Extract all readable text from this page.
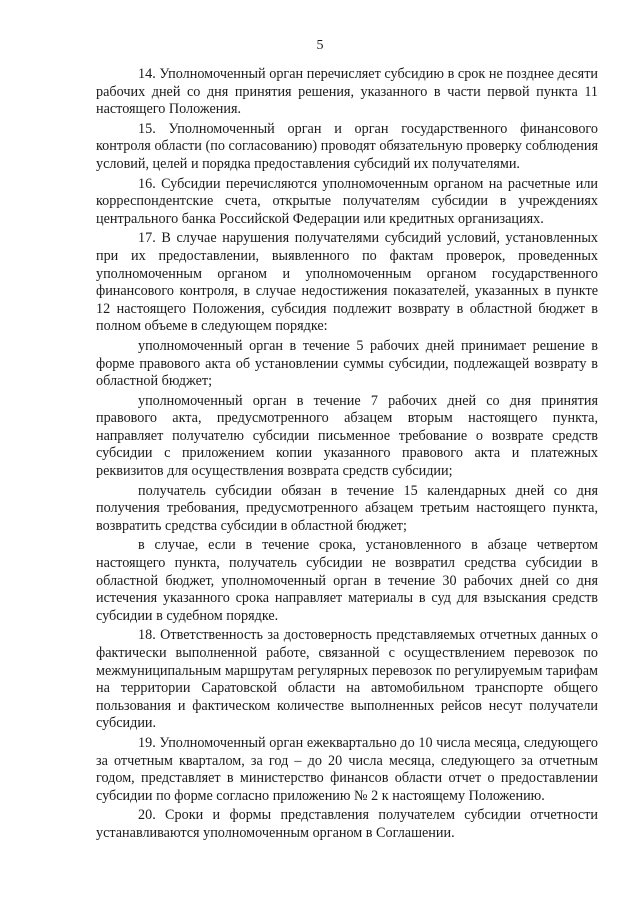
5

14. Уполномоченный орган перечисляет субсидию в срок не позднее десяти рабочих дней со дня принятия решения, указанного в части первой пункта 11 настоящего Положения.

15. Уполномоченный орган и орган государственного финансового контроля области (по согласованию) проводят обязательную проверку соблюдения условий, целей и порядка предоставления субсидий их получателями.

16. Субсидии перечисляются уполномоченным органом на расчетные или корреспондентские счета, открытые получателям субсидии в учреждениях центрального банка Российской Федерации или кредитных организациях.

17. В случае нарушения получателями субсидий условий, установленных при их предоставлении, выявленного по фактам проверок, проведенных уполномоченным органом и уполномоченным органом государственного финансового контроля, в случае недостижения показателей, указанных в пункте 12 настоящего Положения, субсидия подлежит возврату в областной бюджет в полном объеме в следующем порядке:

уполномоченный орган в течение 5 рабочих дней принимает решение в форме правового акта об установлении суммы субсидии, подлежащей возврату в областной бюджет;

уполномоченный орган в течение 7 рабочих дней со дня принятия правового акта, предусмотренного абзацем вторым настоящего пункта, направляет получателю субсидии письменное требование о возврате средств субсидии с приложением копии указанного правового акта и платежных реквизитов для осуществления возврата средств субсидии;

получатель субсидии обязан в течение 15 календарных дней со дня получения требования, предусмотренного абзацем третьим настоящего пункта, возвратить средства субсидии в областной бюджет;

в случае, если в течение срока, установленного в абзаце четвертом настоящего пункта, получатель субсидии не возвратил средства субсидии в областной бюджет, уполномоченный орган в течение 30 рабочих дней со дня истечения указанного срока направляет материалы в суд для взыскания средств субсидии в судебном порядке.

18. Ответственность за достоверность представляемых отчетных данных о фактически выполненной работе, связанной с осуществлением перевозок по межмуниципальным маршрутам регулярных перевозок по регулируемым тарифам на территории Саратовской области на автомобильном транспорте общего пользования и фактическом количестве выполненных рейсов несут получатели субсидии.

19. Уполномоченный орган ежеквартально до 10 числа месяца, следующего за отчетным кварталом, за год – до 20 числа месяца, следующего за отчетным годом, представляет в министерство финансов области отчет о предоставлении субсидии по форме согласно приложению № 2 к настоящему Положению.

20. Сроки и формы представления получателем субсидии отчетности устанавливаются уполномоченным органом в Соглашении.
